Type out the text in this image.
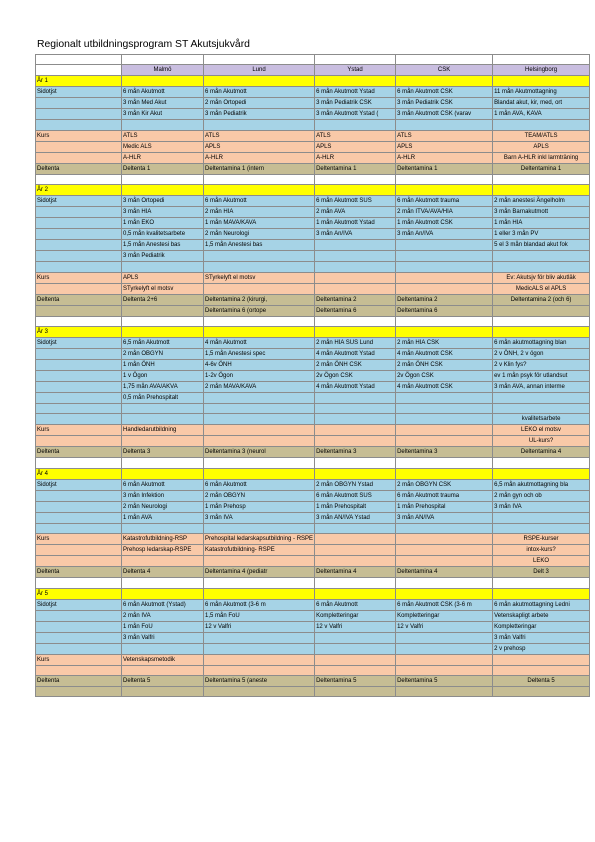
Regionalt utbildningsprogram ST Akutsjukvård

	Malmö	Lund	Ystad	CSK	Helsingborg
År 1					
Sidotjst	6 mån Akutmott	6 mån Akutmott	6 mån Akutmott Ystad	6 mån Akutmott CSK	11 mån Akutmottagning
	3 mån Med Akut	2 mån Ortopedi	3 mån Pediatrik CSK	3 mån Pediatrik CSK	Blandat akut, kir, med, ort
	3 mån Kir Akut	3 mån Pediatrik	3 mån Akutmott Ystad (	3 mån Akutmott CSK (varav	1 mån AVA, KAVA

Kurs	ATLS	ATLS	ATLS	ATLS	TEAM/ATLS
	Medic ALS	APLS	APLS	APLS	APLS
	A-HLR	A-HLR	A-HLR	A-HLR	Barn A-HLR inkl larmträning
Deltenta	Deltenta 1	Deltentamina 1 (intern	Deltentamina 1	Deltentamina 1	Deltentamina 1

År 2					
Sidotjst	3 mån Ortopedi	6 mån Akutmott	6 mån Akutmott SUS	6 mån Akutmott trauma	2 mån anestesi Ängelholm
	3 mån HIA	2 mån HIA	2 mån AVA	2 mån ITVA/AVA/HIA	3 mån Barnakutmott
	1 mån EKO	1 mån MAVA/KAVA	1 mån Akutmott Ystad	1 mån Akutmott CSK	1 mån HIA
	0,5 mån kvalitetsarbete	2 mån Neurologi	3 mån An/IVA	3 mån An/IVA	1 eller 3 mån PV
	1,5 mån Anestesi bas	1,5 mån Anestesi bas			5 el 3 mån blandad akut fok
	3 mån Pediatrik				

Kurs	APLS	STyrkelyft el motsv			Ev: Akutsjv för bliv akutläk
	STyrkelyft el motsv				MedicALS el APLS
Deltenta	Deltenta 2+6	Deltentamina 2 (kirurgi,	Deltentamina 2	Deltentamina 2	Deltentamina 2 (och 6)
		Deltentamina 6 (ortope	Deltentamina 6	Deltentamina 6	

År 3					
Sidotjst	6,5 mån Akutmott	4 mån Akutmott	2 mån HIA SUS Lund	2 mån HIA CSK	6 mån akutmottagning blan
	2 mån OBGYN	1,5 mån Anestesi spec	4 mån Akutmott Ystad	4 mån Akutmott CSK	2 v ÖNH, 2 v ögon
	1 mån ÖNH	4-6v ÖNH	2 mån ÖNH CSK	2 mån ÖNH CSK	2 v Klin fys?
	1 v Ögon	1-2v Ögon	2v Ögon CSK	2v Ögon CSK	ev 1 mån psyk för utlandsut
	1,75 mån AVA/AKVA	2 mån MAVA/KAVA	4 mån Akutmott Ystad	4 mån Akutmott CSK	3 mån AVA, annan interme
	0,5 mån Prehospitalt				

					kvalitetsarbete
Kurs	Handledarutbildning				LEKO el motsv
					UL-kurs?
Deltenta	Deltenta 3	Deltentamina 3 (neurol	Deltentamina 3	Deltentamina 3	Deltentamina 4

År 4					
Sidotjst	6 mån Akutmott	6 mån Akutmott	2 mån OBGYN Ystad	2 mån OBGYN CSK	6,5 mån akutmottagning bla
	3 mån Infektion	2 mån OBGYN	6 mån Akutmott SUS	6 mån Akutmott trauma	2 mån gyn och ob
	2 mån Neurologi	1 mån Prehosp	1 mån Prehospitalt	1 mån Prehospital	3 mån IVA
	1 mån AVA	3 mån IVA	3 mån AN/IVA Ystad	3 mån AN/IVA	

Kurs	Katastrofutbildning-RSP	Prehospital ledarskapsutbildning - RSPE			RSPE-kurser
	Prehosp ledarskap-RSPE	Katastrofutbildning- RSPE			intox-kurs?
					LEKO
Deltenta	Deltenta 4	Deltentamina 4 (pediatr	Deltentamina 4	Deltentamina 4	Delt 3

År 5					
Sidotjst	6 mån Akutmott (Ystad)	6 mån Akutmott (3-6 m	6 mån Akutmott	6 mån Akutmott CSK (3-6 m	6 mån akutmottagning Ledni
	2 mån IVA	1,5 mån FoU	Kompletteringar	Kompletteringar	Vetenskapligt arbete
	1 mån FoU	12 v Valfri	12 v Valfri	12 v Valfri	Kompletteringar
	3 mån Valfri				3 mån Valfri
					2 v prehosp
Kurs	Vetenskapsmetodik				

Deltenta	Deltenta 5	Deltentamina 5 (aneste	Deltentamina 5	Deltentamina 5	Deltenta 5
